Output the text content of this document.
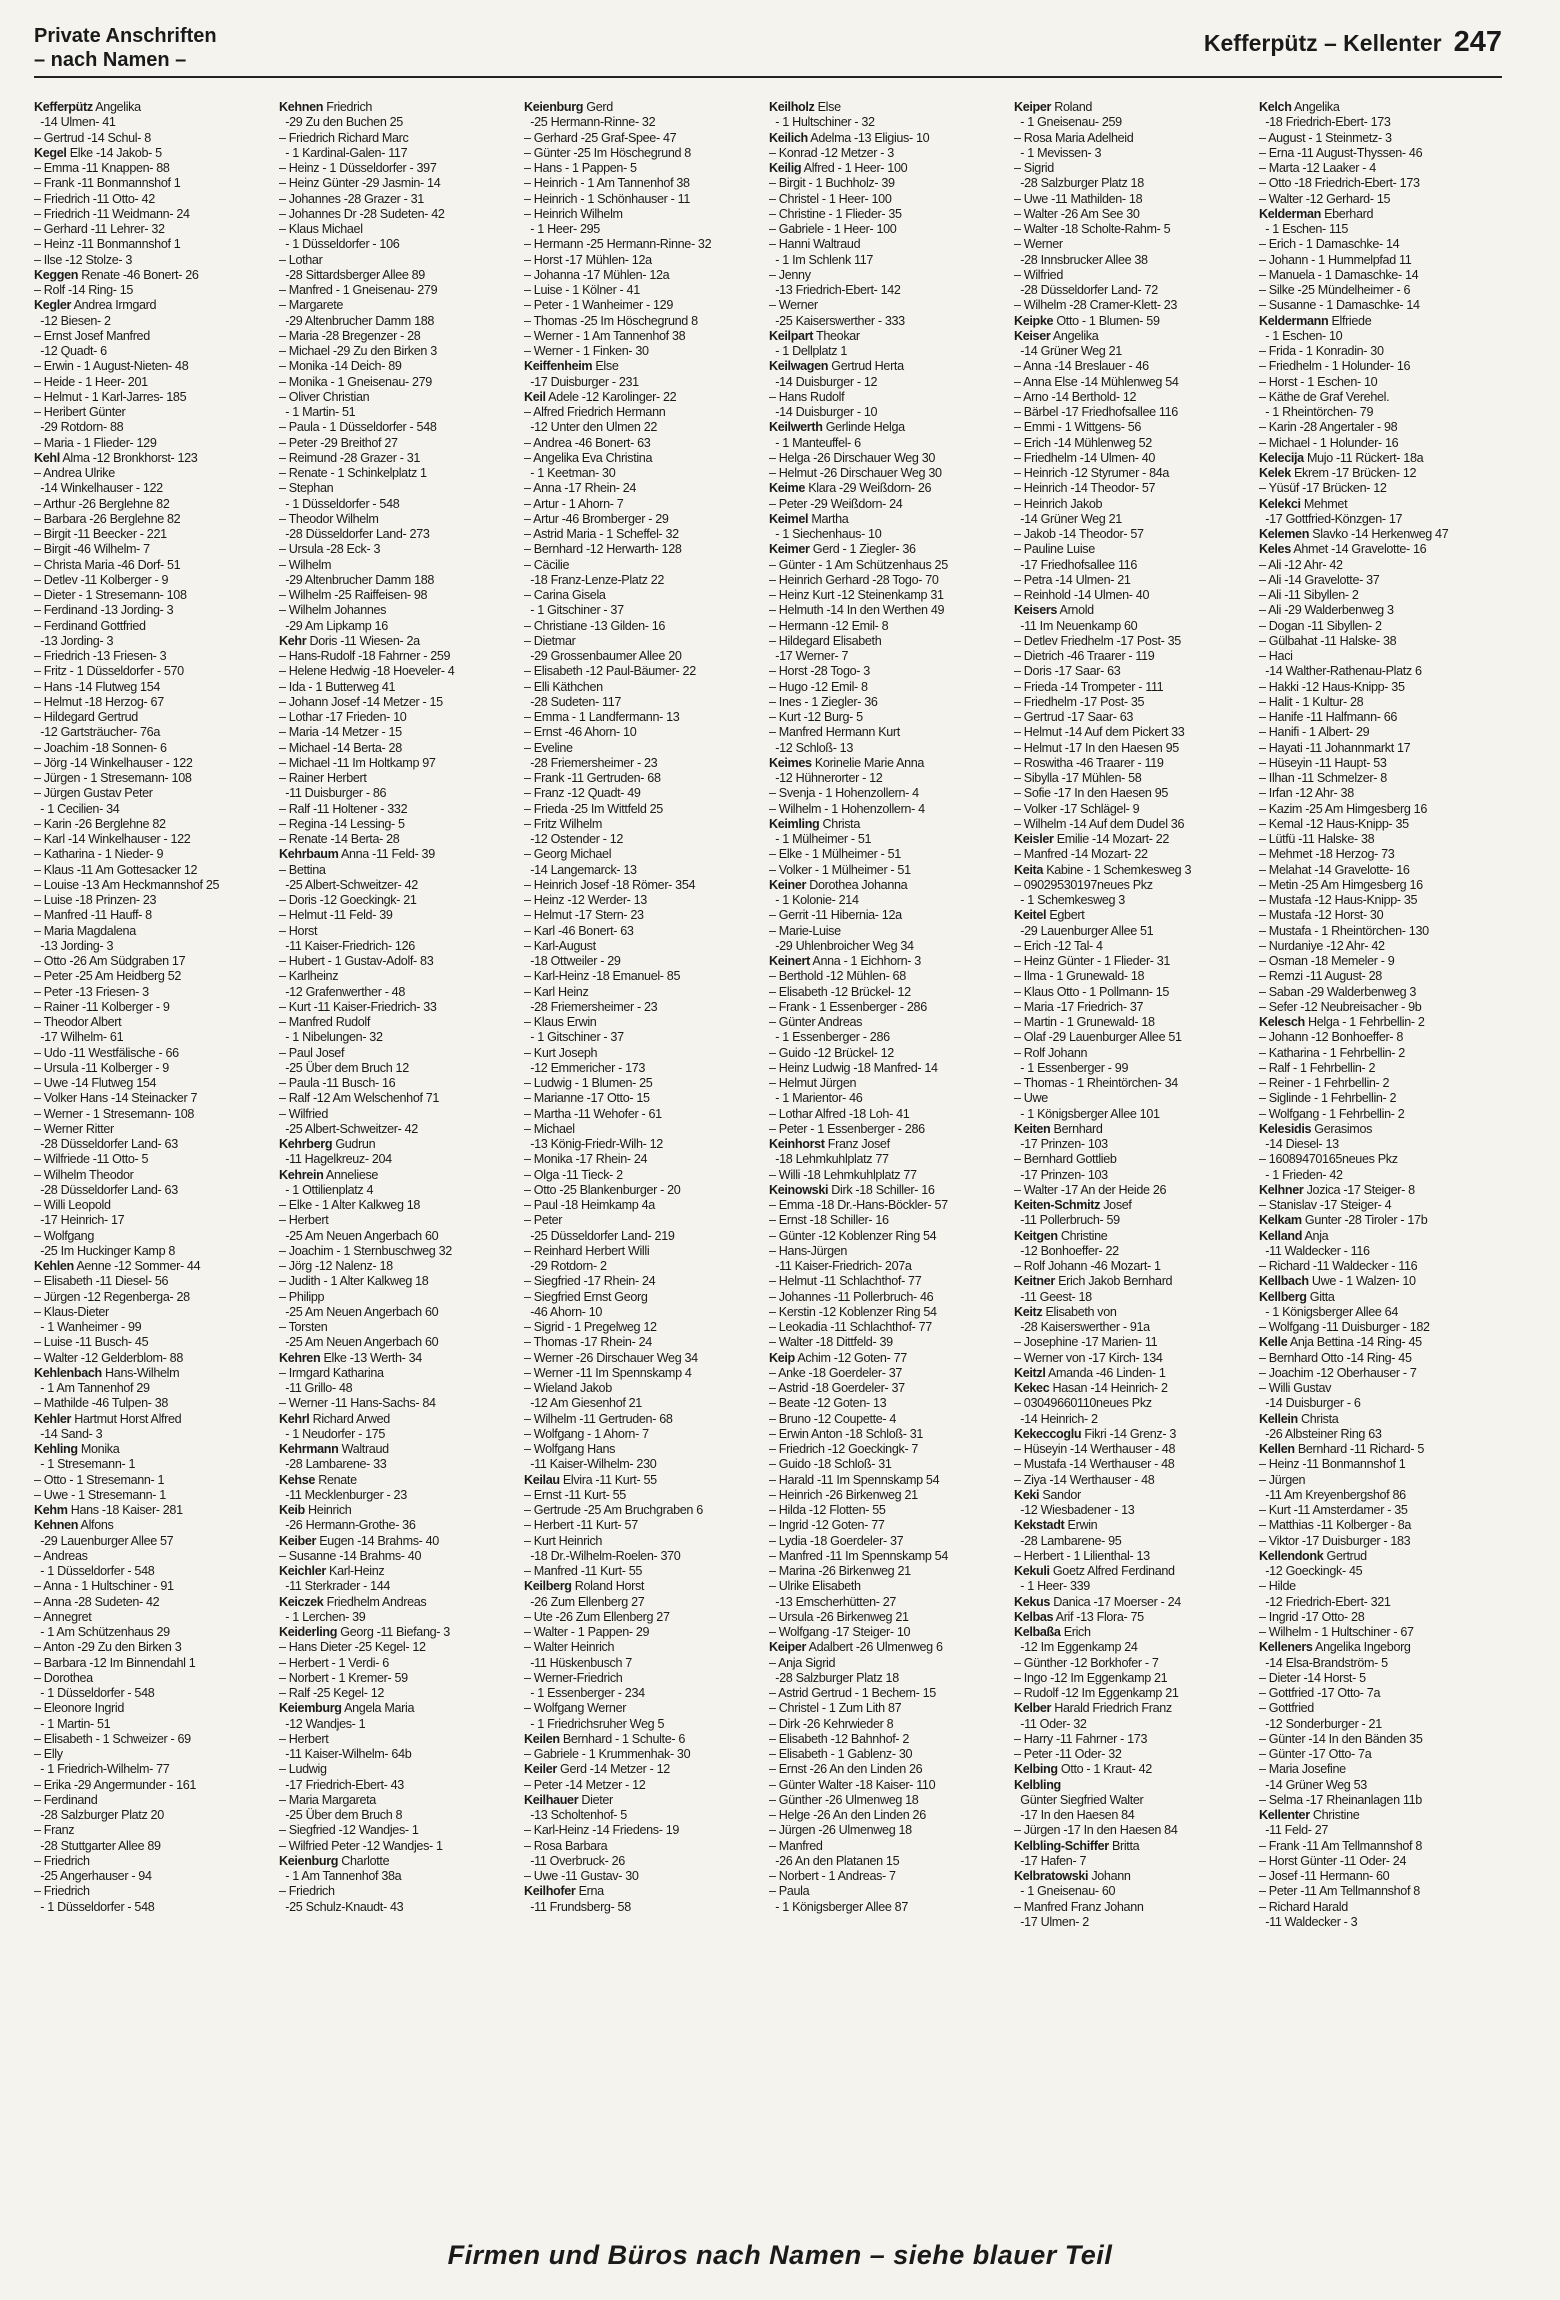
Private Anschriften
– nach Namen –
Kefferpütz – Kellenter 247
Kefferpütz Angelika
-14 Ulmen- 41
– Gertrud -14 Schul- 8
Kegel Elke -14 Jakob- 5
– Emma -11 Knappen- 88
– Frank -11 Bonmannshof 1
– Friedrich -11 Otto- 42
– Friedrich -11 Weidmann- 24
– Gerhard -11 Lehrer- 32
– Heinz -11 Bonmannshof 1
– Ilse -12 Stolze- 3
Keggen Renate -46 Bonert- 26
– Rolf -14 Ring- 15
Kegler Andrea Irmgard
-12 Biesen- 2
– Ernst Josef Manfred
-12 Quadt- 6
– Erwin - 1 August-Nieten- 48
– Heide - 1 Heer- 201
– Helmut - 1 Karl-Jarres- 185
– Heribert Günter
-29 Rotdorn- 88
– Maria - 1 Flieder- 129
Kehl Alma -12 Bronkhorst- 123
– Andrea Ulrike
-14 Winkelhauser - 122
– Arthur -26 Berglehne 82
– Barbara -26 Berglehne 82
– Birgit -11 Beecker - 221
– Birgit -46 Wilhelm- 7
– Christa Maria -46 Dorf- 51
– Detlev -11 Kolberger - 9
– Dieter - 1 Stresemann- 108
– Ferdinand -13 Jording- 3
– Ferdinand Gottfried
-13 Jording- 3
– Friedrich -13 Friesen- 3
– Fritz - 1 Düsseldorfer - 570
– Hans -14 Flutweg 154
– Helmut -18 Herzog- 67
– Hildegard Gertrud
-12 Gartsträucher- 76a
– Joachim -18 Sonnen- 6
– Jörg -14 Winkelhauser - 122
– Jürgen - 1 Stresemann- 108
– Jürgen Gustav Peter
- 1 Cecilien- 34
– Karin -26 Berglehne 82
– Karl -14 Winkelhauser - 122
– Katharina - 1 Nieder- 9
– Klaus -11 Am Gottesacker 12
– Louise -13 Am Heckmannshof 25
– Luise -18 Prinzen- 23
– Manfred -11 Hauff- 8
– Maria Magdalena
-13 Jording- 3
– Otto -26 Am Südgraben 17
– Peter -25 Am Heidberg 52
– Peter -13 Friesen- 3
– Rainer -11 Kolberger - 9
– Theodor Albert
-17 Wilhelm- 61
– Udo -11 Westfälische - 66
– Ursula -11 Kolberger - 9
– Uwe -14 Flutweg 154
– Volker Hans -14 Steinacker 7
– Werner - 1 Stresemann- 108
– Werner Ritter
-28 Düsseldorfer Land- 63
– Wilfriede -11 Otto- 5
– Wilhelm Theodor
-28 Düsseldorfer Land- 63
– Willi Leopold
-17 Heinrich- 17
– Wolfgang
-25 Im Huckinger Kamp 8
Kehlen Aenne -12 Sommer- 44
– Elisabeth -11 Diesel- 56
– Jürgen -12 Regenberga- 28
– Klaus-Dieter
- 1 Wanheimer - 99
– Luise -11 Busch- 45
– Walter -12 Gelderblom- 88
Kehlenbach Hans-Wilhelm
- 1 Am Tannenhof 29
– Mathilde -46 Tulpen- 38
Kehler Hartmut Horst Alfred
-14 Sand- 3
Kehling Monika
- 1 Stresemann- 1
– Otto - 1 Stresemann- 1
– Uwe - 1 Stresemann- 1
Kehm Hans -18 Kaiser- 281
Kehnen Alfons
-29 Lauenburger Allee 57
– Andreas
- 1 Düsseldorfer - 548
– Anna - 1 Hultschiner - 91
– Anna -28 Sudeten- 42
– Annegret
- 1 Am Schützenhaus 29
– Anton -29 Zu den Birken 3
– Barbara -12 Im Binnendahl 1
– Dorothea
- 1 Düsseldorfer - 548
– Eleonore Ingrid
- 1 Martin- 51
– Elisabeth - 1 Schweizer - 69
– Elly
- 1 Friedrich-Wilhelm- 77
– Erika -29 Angermunder - 161
– Ferdinand
-28 Salzburger Platz 20
– Franz
-28 Stuttgarter Allee 89
– Friedrich
-25 Angerhauser - 94
– Friedrich
- 1 Düsseldorfer - 548
Kehnen Friedrich
-29 Zu den Buchen 25
– Friedrich Richard Marc
- 1 Kardinal-Galen- 117
– Heinz - 1 Düsseldorfer - 397
– Heinz Günter -29 Jasmin- 14
– Johannes -28 Grazer - 31
– Johannes Dr -28 Sudeten- 42
– Klaus Michael
- 1 Düsseldorfer - 106
– Lothar
-28 Sittardsberger Allee 89
– Manfred - 1 Gneisenau- 279
– Margarete
-29 Altenbrucher Damm 188
– Maria -28 Bregenzer - 28
– Michael -29 Zu den Birken 3
– Monika -14 Deich- 89
– Monika - 1 Gneisenau- 279
– Oliver Christian
- 1 Martin- 51
– Paula - 1 Düsseldorfer - 548
– Peter -29 Breithof 27
– Reimund -28 Grazer - 31
– Renate - 1 Schinkelplatz 1
– Stephan
- 1 Düsseldorfer - 548
– Theodor Wilhelm
-28 Düsseldorfer Land- 273
– Ursula -28 Eck- 3
– Wilhelm
-29 Altenbrucher Damm 188
– Wilhelm -25 Raiffeisen- 98
– Wilhelm Johannes
-29 Am Lipkamp 16
Kehr Doris -11 Wiesen- 2a
– Hans-Rudolf -18 Fahrner - 259
– Helene Hedwig -18 Hoeveler- 4
– Ida - 1 Butterweg 41
– Johann Josef -14 Metzer - 15
– Lothar -17 Frieden- 10
– Maria -14 Metzer - 15
– Michael -14 Berta- 28
– Michael -11 Im Holtkamp 97
– Rainer Herbert
-11 Duisburger - 86
– Ralf -11 Holtener - 332
– Regina -14 Lessing- 5
– Renate -14 Berta- 28
Kehrbaum Anna -11 Feld- 39
– Bettina
-25 Albert-Schweitzer- 42
– Doris -12 Goeckingk- 21
– Helmut -11 Feld- 39
– Horst
-11 Kaiser-Friedrich- 126
– Hubert - 1 Gustav-Adolf- 83
– Karlheinz
-12 Grafenwerther - 48
– Kurt -11 Kaiser-Friedrich- 33
– Manfred Rudolf
- 1 Nibelungen- 32
– Paul Josef
-25 Über dem Bruch 12
– Paula -11 Busch- 16
– Ralf -12 Am Welschenhof 71
– Wilfried
-25 Albert-Schweitzer- 42
Kehrberg Gudrun
-11 Hagelkreuz- 204
Kehrein Anneliese
- 1 Ottilienplatz 4
– Elke - 1 Alter Kalkweg 18
– Herbert
-25 Am Neuen Angerbach 60
– Joachim - 1 Sternbuschweg 32
– Jörg -12 Nalenz- 18
– Judith - 1 Alter Kalkweg 18
– Philipp
-25 Am Neuen Angerbach 60
– Torsten
-25 Am Neuen Angerbach 60
Kehren Elke -13 Werth- 34
– Irmgard Katharina
-11 Grillo- 48
– Werner -11 Hans-Sachs- 84
Kehrl Richard Arwed
- 1 Neudorfer - 175
Kehrmann Waltraud
-28 Lambarene- 33
Kehse Renate
-11 Mecklenburger - 23
Keib Heinrich
-26 Hermann-Grothe- 36
Keiber Eugen -14 Brahms- 40
– Susanne -14 Brahms- 40
Keichler Karl-Heinz
-11 Sterkrader - 144
Keiczek Friedhelm Andreas
- 1 Lerchen- 39
Keiderling Georg -11 Biefang- 3
– Hans Dieter -25 Kegel- 12
– Herbert - 1 Verdi- 6
– Norbert - 1 Kremer- 59
– Ralf -25 Kegel- 12
Keiemburg Angela Maria
-12 Wandjes- 1
– Herbert
-11 Kaiser-Wilhelm- 64b
– Ludwig
-17 Friedrich-Ebert- 43
– Maria Margareta
-25 Über dem Bruch 8
– Siegfried -12 Wandjes- 1
– Wilfried Peter -12 Wandjes- 1
Keienburg Charlotte
- 1 Am Tannenhof 38a
– Friedrich
-25 Schulz-Knaudt- 43
Keienburg Gerd
-25 Hermann-Rinne- 32
– Gerhard -25 Graf-Spee- 47
– Günter -25 Im Höschegrund 8
– Hans - 1 Pappen- 5
– Heinrich - 1 Am Tannenhof 38
– Heinrich - 1 Schönhauser - 11
– Heinrich Wilhelm
- 1 Heer- 295
– Hermann -25 Hermann-Rinne- 32
– Horst -17 Mühlen- 12a
– Johanna -17 Mühlen- 12a
– Luise - 1 Kölner - 41
– Peter - 1 Wanheimer - 129
– Thomas -25 Im Höschegrund 8
– Werner - 1 Am Tannenhof 38
– Werner - 1 Finken- 30
Keiffenheim Else
-17 Duisburger - 231
Keil Adele -12 Karolinger- 22
– Alfred Friedrich Hermann
-12 Unter den Ulmen 22
– Andrea -46 Bonert- 63
– Angelika Eva Christina
- 1 Keetman- 30
– Anna -17 Rhein- 24
– Artur - 1 Ahorn- 7
– Artur -46 Bromberger - 29
– Astrid Maria - 1 Scheffel- 32
– Bernhard -12 Herwarth- 128
– Cäcilie
-18 Franz-Lenze-Platz 22
– Carina Gisela
- 1 Gitschiner - 37
– Christiane -13 Gilden- 16
– Dietmar
-29 Grossenbaumer Allee 20
– Elisabeth -12 Paul-Bäumer- 22
– Elli Käthchen
-28 Sudeten- 117
– Emma - 1 Landfermann- 13
– Ernst -46 Ahorn- 10
– Eveline
-28 Friemersheimer - 23
– Frank -11 Gertruden- 68
– Franz -12 Quadt- 49
– Frieda -25 Im Wittfeld 25
– Fritz Wilhelm
-12 Ostender - 12
– Georg Michael
-14 Langemarck- 13
– Heinrich Josef -18 Römer- 354
– Heinz -12 Werder- 13
– Helmut -17 Stern- 23
– Karl -46 Bonert- 63
– Karl-August
-18 Ottweiler - 29
– Karl-Heinz -18 Emanuel- 85
– Karl Heinz
-28 Friemersheimer - 23
– Klaus Erwin
- 1 Gitschiner - 37
– Kurt Joseph
-12 Emmericher - 173
– Ludwig - 1 Blumen- 25
– Marianne -17 Otto- 15
– Martha -11 Wehofer - 61
– Michael
-13 König-Friedr-Wilh- 12
– Monika -17 Rhein- 24
– Olga -11 Tieck- 2
– Otto -25 Blankenburger - 20
– Paul -18 Heimkamp 4a
– Peter
-25 Düsseldorfer Land- 219
– Reinhard Herbert Willi
-29 Rotdorn- 2
– Siegfried -17 Rhein- 24
– Siegfried Ernst Georg
-46 Ahorn- 10
– Sigrid - 1 Pregelweg 12
– Thomas -17 Rhein- 24
– Werner -26 Dirschauer Weg 34
– Werner -11 Im Spennskamp 4
– Wieland Jakob
-12 Am Giesenhof 21
– Wilhelm -11 Gertruden- 68
– Wolfgang - 1 Ahorn- 7
– Wolfgang Hans
-11 Kaiser-Wilhelm- 230
Keilau Elvira -11 Kurt- 55
– Ernst -11 Kurt- 55
– Gertrude -25 Am Bruchgraben 6
– Herbert -11 Kurt- 57
– Kurt Heinrich
-18 Dr.-Wilhelm-Roelen- 370
– Manfred -11 Kurt- 55
Keilberg Roland Horst
-26 Zum Ellenberg 27
– Ute -26 Zum Ellenberg 27
– Walter - 1 Pappen- 29
– Walter Heinrich
-11 Hüskenbusch 7
– Werner-Friedrich
- 1 Essenberger - 234
– Wolfgang Werner
- 1 Friedrichsruher Weg 5
Keilen Bernhard - 1 Schulte- 6
– Gabriele - 1 Krummenhak- 30
Keiler Gerd -14 Metzer - 12
– Peter -14 Metzer - 12
Keilhauer Dieter
-13 Scholtenhof- 5
– Karl-Heinz -14 Friedens- 19
– Rosa Barbara
-11 Overbruck- 26
– Uwe -11 Gustav- 30
Keilhofer Erna
-11 Frundsberg- 58
Keilholz Else
- 1 Hultschiner - 32
Keilich Adelma -13 Eligius- 10
– Konrad -12 Metzer - 3
Keilig Alfred - 1 Heer- 100
– Birgit - 1 Buchholz- 39
– Christel - 1 Heer- 100
– Christine - 1 Flieder- 35
– Gabriele - 1 Heer- 100
– Hanni Waltraud
- 1 Im Schlenk 117
– Jenny
-13 Friedrich-Ebert- 142
– Werner
-25 Kaiserswerther - 333
Keilpart Theokar
- 1 Dellplatz 1
Keilwagen Gertrud Herta
-14 Duisburger - 12
– Hans Rudolf
-14 Duisburger - 10
Keilwerth Gerlinde Helga
- 1 Manteuffel- 6
– Helga -26 Dirschauer Weg 30
– Helmut -26 Dirschauer Weg 30
Keime Klara -29 Weißdorn- 26
– Peter -29 Weißdorn- 24
Keimel Martha
- 1 Siechenhaus- 10
Keimer Gerd - 1 Ziegler- 36
– Günter - 1 Am Schützenhaus 25
– Heinrich Gerhard -28 Togo- 70
– Heinz Kurt -12 Steinenkamp 31
– Helmuth -14 In den Werthen 49
– Hermann -12 Emil- 8
– Hildegard Elisabeth
-17 Werner- 7
– Horst -28 Togo- 3
– Hugo -12 Emil- 8
– Ines - 1 Ziegler- 36
– Kurt -12 Burg- 5
– Manfred Hermann Kurt
-12 Schloß- 13
Keimes Korinelie Marie Anna
-12 Hühnerorter - 12
– Svenja - 1 Hohenzollern- 4
– Wilhelm - 1 Hohenzollern- 4
Keimling Christa
- 1 Mülheimer - 51
– Elke - 1 Mülheimer - 51
– Volker - 1 Mülheimer - 51
Keiner Dorothea Johanna
- 1 Kolonie- 214
– Gerrit -11 Hibernia- 12a
– Marie-Luise
-29 Uhlenbroicher Weg 34
Keinert Anna - 1 Eichhorn- 3
– Berthold -12 Mühlen- 68
– Elisabeth -12 Brückel- 12
– Frank - 1 Essenberger - 286
– Günter Andreas
- 1 Essenberger - 286
– Guido -12 Brückel- 12
– Heinz Ludwig -18 Manfred- 14
– Helmut Jürgen
- 1 Marientor- 46
– Lothar Alfred -18 Loh- 41
– Peter - 1 Essenberger - 286
Keinhorst Franz Josef
-18 Lehmkuhlplatz 77
– Willi -18 Lehmkuhlplatz 77
Keinowski Dirk -18 Schiller- 16
– Emma -18 Dr.-Hans-Böckler- 57
– Ernst -18 Schiller- 16
– Günter -12 Koblenzer Ring 54
– Hans-Jürgen
-11 Kaiser-Friedrich- 207a
– Helmut -11 Schlachthof- 77
– Johannes -11 Pollerbruch- 46
– Kerstin -12 Koblenzer Ring 54
– Leokadia -11 Schlachthof- 77
– Walter -18 Dittfeld- 39
Keip Achim -12 Goten- 77
– Anke -18 Goerdeler- 37
– Astrid -18 Goerdeler- 37
– Beate -12 Goten- 13
– Bruno -12 Coupette- 4
– Erwin Anton -18 Schloß- 31
– Friedrich -12 Goeckingk- 7
– Guido -18 Schloß- 31
– Harald -11 Im Spennskamp 54
– Heinrich -26 Birkenweg 21
– Hilda -12 Flotten- 55
– Ingrid -12 Goten- 77
– Lydia -18 Goerdeler- 37
– Manfred -11 Im Spennskamp 54
– Marina -26 Birkenweg 21
– Ulrike Elisabeth
-13 Emscherhütten- 27
– Ursula -26 Birkenweg 21
– Wolfgang -17 Steiger- 10
Keiper Adalbert -26 Ulmenweg 6
– Anja Sigrid
-28 Salzburger Platz 18
– Astrid Gertrud - 1 Bechem- 15
– Christel - 1 Zum Lith 87
– Dirk -26 Kehrwieder 8
– Elisabeth -12 Bahnhof- 2
– Elisabeth - 1 Gablenz- 30
– Ernst -26 An den Linden 26
– Günter Walter -18 Kaiser- 110
– Günther -26 Ulmenweg 18
– Helge -26 An den Linden 26
– Jürgen -26 Ulmenweg 18
– Manfred
-26 An den Platanen 15
– Norbert - 1 Andreas- 7
– Paula
- 1 Königsberger Allee 87
Keiper Roland
- 1 Gneisenau- 259
– Rosa Maria Adelheid
- 1 Mevissen- 3
– Sigrid
-28 Salzburger Platz 18
– Uwe -11 Mathilden- 18
– Walter -26 Am See 30
– Walter -18 Scholte-Rahm- 5
– Werner
-28 Innsbrucker Allee 38
– Wilfried
-28 Düsseldorfer Land- 72
– Wilhelm -28 Cramer-Klett- 23
Keipke Otto - 1 Blumen- 59
Keiser Angelika
-14 Grüner Weg 21
– Anna -14 Breslauer - 46
– Anna Else -14 Mühlenweg 54
– Arno -14 Berthold- 12
– Bärbel -17 Friedhofsallee 116
– Emmi - 1 Wittgens- 56
– Erich -14 Mühlenweg 52
– Friedhelm -14 Ulmen- 40
– Heinrich -12 Styrumer - 84a
– Heinrich -14 Theodor- 57
– Heinrich Jakob
-14 Grüner Weg 21
– Jakob -14 Theodor- 57
– Pauline Luise
-17 Friedhofsallee 116
– Petra -14 Ulmen- 21
– Reinhold -14 Ulmen- 40
Keisers Arnold
-11 Im Neuenkamp 60
– Detlev Friedhelm -17 Post- 35
– Dietrich -46 Traarer - 119
– Doris -17 Saar- 63
– Frieda -14 Trompeter - 111
– Friedhelm -17 Post- 35
– Gertrud -17 Saar- 63
– Helmut -14 Auf dem Pickert 33
– Helmut -17 In den Haesen 95
– Roswitha -46 Traarer - 119
– Sibylla -17 Mühlen- 58
– Sofie -17 In den Haesen 95
– Volker -17 Schlägel- 9
– Wilhelm -14 Auf dem Dudel 36
Keisler Emilie -14 Mozart- 22
– Manfred -14 Mozart- 22
Keita Kabine - 1 Schemkesweg 3
– 09029530197neues Pkz
- 1 Schemkesweg 3
Keitel Egbert
-29 Lauenburger Allee 51
– Erich -12 Tal- 4
– Heinz Günter - 1 Flieder- 31
– Ilma - 1 Grunewald- 18
– Klaus Otto - 1 Pollmann- 15
– Maria -17 Friedrich- 37
– Martin - 1 Grunewald- 18
– Olaf -29 Lauenburger Allee 51
– Rolf Johann
- 1 Essenberger - 99
– Thomas - 1 Rheintörchen- 34
– Uwe
- 1 Königsberger Allee 101
Keiten Bernhard
-17 Prinzen- 103
– Bernhard Gottlieb
-17 Prinzen- 103
– Walter -17 An der Heide 26
Keiten-Schmitz Josef
-11 Pollerbruch- 59
Keitgen Christine
-12 Bonhoeffer- 22
– Rolf Johann -46 Mozart- 1
Keitner Erich Jakob Bernhard
-11 Geest- 18
Keitz Elisabeth von
-28 Kaiserswerther - 91a
– Josephine -17 Marien- 11
– Werner von -17 Kirch- 134
Keitzl Amanda -46 Linden- 1
Kekec Hasan -14 Heinrich- 2
– 03049660110neues Pkz
-14 Heinrich- 2
Kekeccoglu Fikri -14 Grenz- 3
– Hüseyin -14 Werthauser - 48
– Mustafa -14 Werthauser - 48
– Ziya -14 Werthauser - 48
Keki Sandor
-12 Wiesbadener - 13
Kekstadt Erwin
-28 Lambarene- 95
– Herbert - 1 Lilienthal- 13
Kekuli Goetz Alfred Ferdinand
- 1 Heer- 339
Kekus Danica -17 Moerser - 24
Kelbas Arif -13 Flora- 75
Kelbaßa Erich
-12 Im Eggenkamp 24
– Günther -12 Borkhofer - 7
– Ingo -12 Im Eggenkamp 21
– Rudolf -12 Im Eggenkamp 21
Kelber Harald Friedrich Franz
-11 Oder- 32
– Harry -11 Fahrner - 173
– Peter -11 Oder- 32
Kelbing Otto - 1 Kraut- 42
Kelbling
Günter Siegfried Walter
-17 In den Haesen 84
– Jürgen -17 In den Haesen 84
Kelbling-Schiffer Britta
-17 Hafen- 7
Kelbratowski Johann
- 1 Gneisenau- 60
– Manfred Franz Johann
-17 Ulmen- 2
Kelch Angelika
-18 Friedrich-Ebert- 173
– August - 1 Steinmetz- 3
– Erna -11 August-Thyssen- 46
– Marta -12 Laaker - 4
– Otto -18 Friedrich-Ebert- 173
– Walter -12 Gerhard- 15
Kelderman Eberhard
- 1 Eschen- 115
– Erich - 1 Damaschke- 14
– Johann - 1 Hummelpfad 11
– Manuela - 1 Damaschke- 14
– Silke -25 Mündelheimer - 6
– Susanne - 1 Damaschke- 14
Keldermann Elfriede
- 1 Eschen- 10
– Frida - 1 Konradin- 30
– Friedhelm - 1 Holunder- 16
– Horst - 1 Eschen- 10
– Käthe de Graf Verehel.
- 1 Rheintörchen- 79
– Karin -28 Angertaler - 98
– Michael - 1 Holunder- 16
Kelecija Mujo -11 Rückert- 18a
Kelek Ekrem -17 Brücken- 12
– Yüsüf -17 Brücken- 12
Kelekci Mehmet
-17 Gottfried-Könzgen- 17
Kelemen Slavko -14 Herkenweg 47
Keles Ahmet -14 Gravelotte- 16
– Ali -12 Ahr- 42
– Ali -14 Gravelotte- 37
– Ali -11 Sibyllen- 2
– Ali -29 Walderbenweg 3
– Dogan -11 Sibyllen- 2
– Gülbahat -11 Halske- 38
– Haci
-14 Walther-Rathenau-Platz 6
– Hakki -12 Haus-Knipp- 35
– Halit - 1 Kultur- 28
– Hanife -11 Halfmann- 66
– Hanifi - 1 Albert- 29
– Hayati -11 Johannmarkt 17
– Hüseyin -11 Haupt- 53
– Ilhan -11 Schmelzer- 8
– Irfan -12 Ahr- 38
– Kazim -25 Am Himgesberg 16
– Kemal -12 Haus-Knipp- 35
– Lütfü -11 Halske- 38
– Mehmet -18 Herzog- 73
– Melahat -14 Gravelotte- 16
– Metin -25 Am Himgesberg 16
– Mustafa -12 Haus-Knipp- 35
– Mustafa -12 Horst- 30
– Mustafa - 1 Rheintörchen- 130
– Nurdaniye -12 Ahr- 42
– Osman -18 Memeler - 9
– Remzi -11 August- 28
– Saban -29 Walderbenweg 3
– Sefer -12 Neubreisacher - 9b
Kelesch Helga - 1 Fehrbellin- 2
– Johann -12 Bonhoeffer- 8
– Katharina - 1 Fehrbellin- 2
– Ralf - 1 Fehrbellin- 2
– Reiner - 1 Fehrbellin- 2
– Siglinde - 1 Fehrbellin- 2
– Wolfgang - 1 Fehrbellin- 2
Kelesidis Gerasimos
-14 Diesel- 13
– 16089470165neues Pkz
- 1 Frieden- 42
Kelhner Jozica -17 Steiger- 8
– Stanislav -17 Steiger- 4
Kelkam Gunter -28 Tiroler - 17b
Kelland Anja
-11 Waldecker - 116
– Richard -11 Waldecker - 116
Kellbach Uwe - 1 Walzen- 10
Kellberg Gitta
- 1 Königsberger Allee 64
– Wolfgang -11 Duisburger - 182
Kelle Anja Bettina -14 Ring- 45
– Bernhard Otto -14 Ring- 45
– Joachim -12 Oberhauser - 7
– Willi Gustav
-14 Duisburger - 6
Kellein Christa
-26 Albsteiner Ring 63
Kellen Bernhard -11 Richard- 5
– Heinz -11 Bonmannshof 1
– Jürgen
-11 Am Kreyenbergshof 86
– Kurt -11 Amsterdamer - 35
– Matthias -11 Kolberger - 8a
– Viktor -17 Duisburger - 183
Kellendonk Gertrud
-12 Goeckingk- 45
– Hilde
-12 Friedrich-Ebert- 321
– Ingrid -17 Otto- 28
– Wilhelm - 1 Hultschiner - 67
Kelleners Angelika Ingeborg
-14 Elsa-Brandström- 5
– Dieter -14 Horst- 5
– Gottfried -17 Otto- 7a
– Gottfried
-12 Sonderburger - 21
– Günter -14 In den Bänden 35
– Günter -17 Otto- 7a
– Maria Josefine
-14 Grüner Weg 53
– Selma -17 Rheinanlagen 11b
Kellenter Christine
-11 Feld- 27
– Frank -11 Am Tellmannshof 8
– Horst Günter -11 Oder- 24
– Josef -11 Hermann- 60
– Peter -11 Am Tellmannshof 8
– Richard Harald
-11 Waldecker - 3
Firmen und Büros nach Namen – siehe blauer Teil
